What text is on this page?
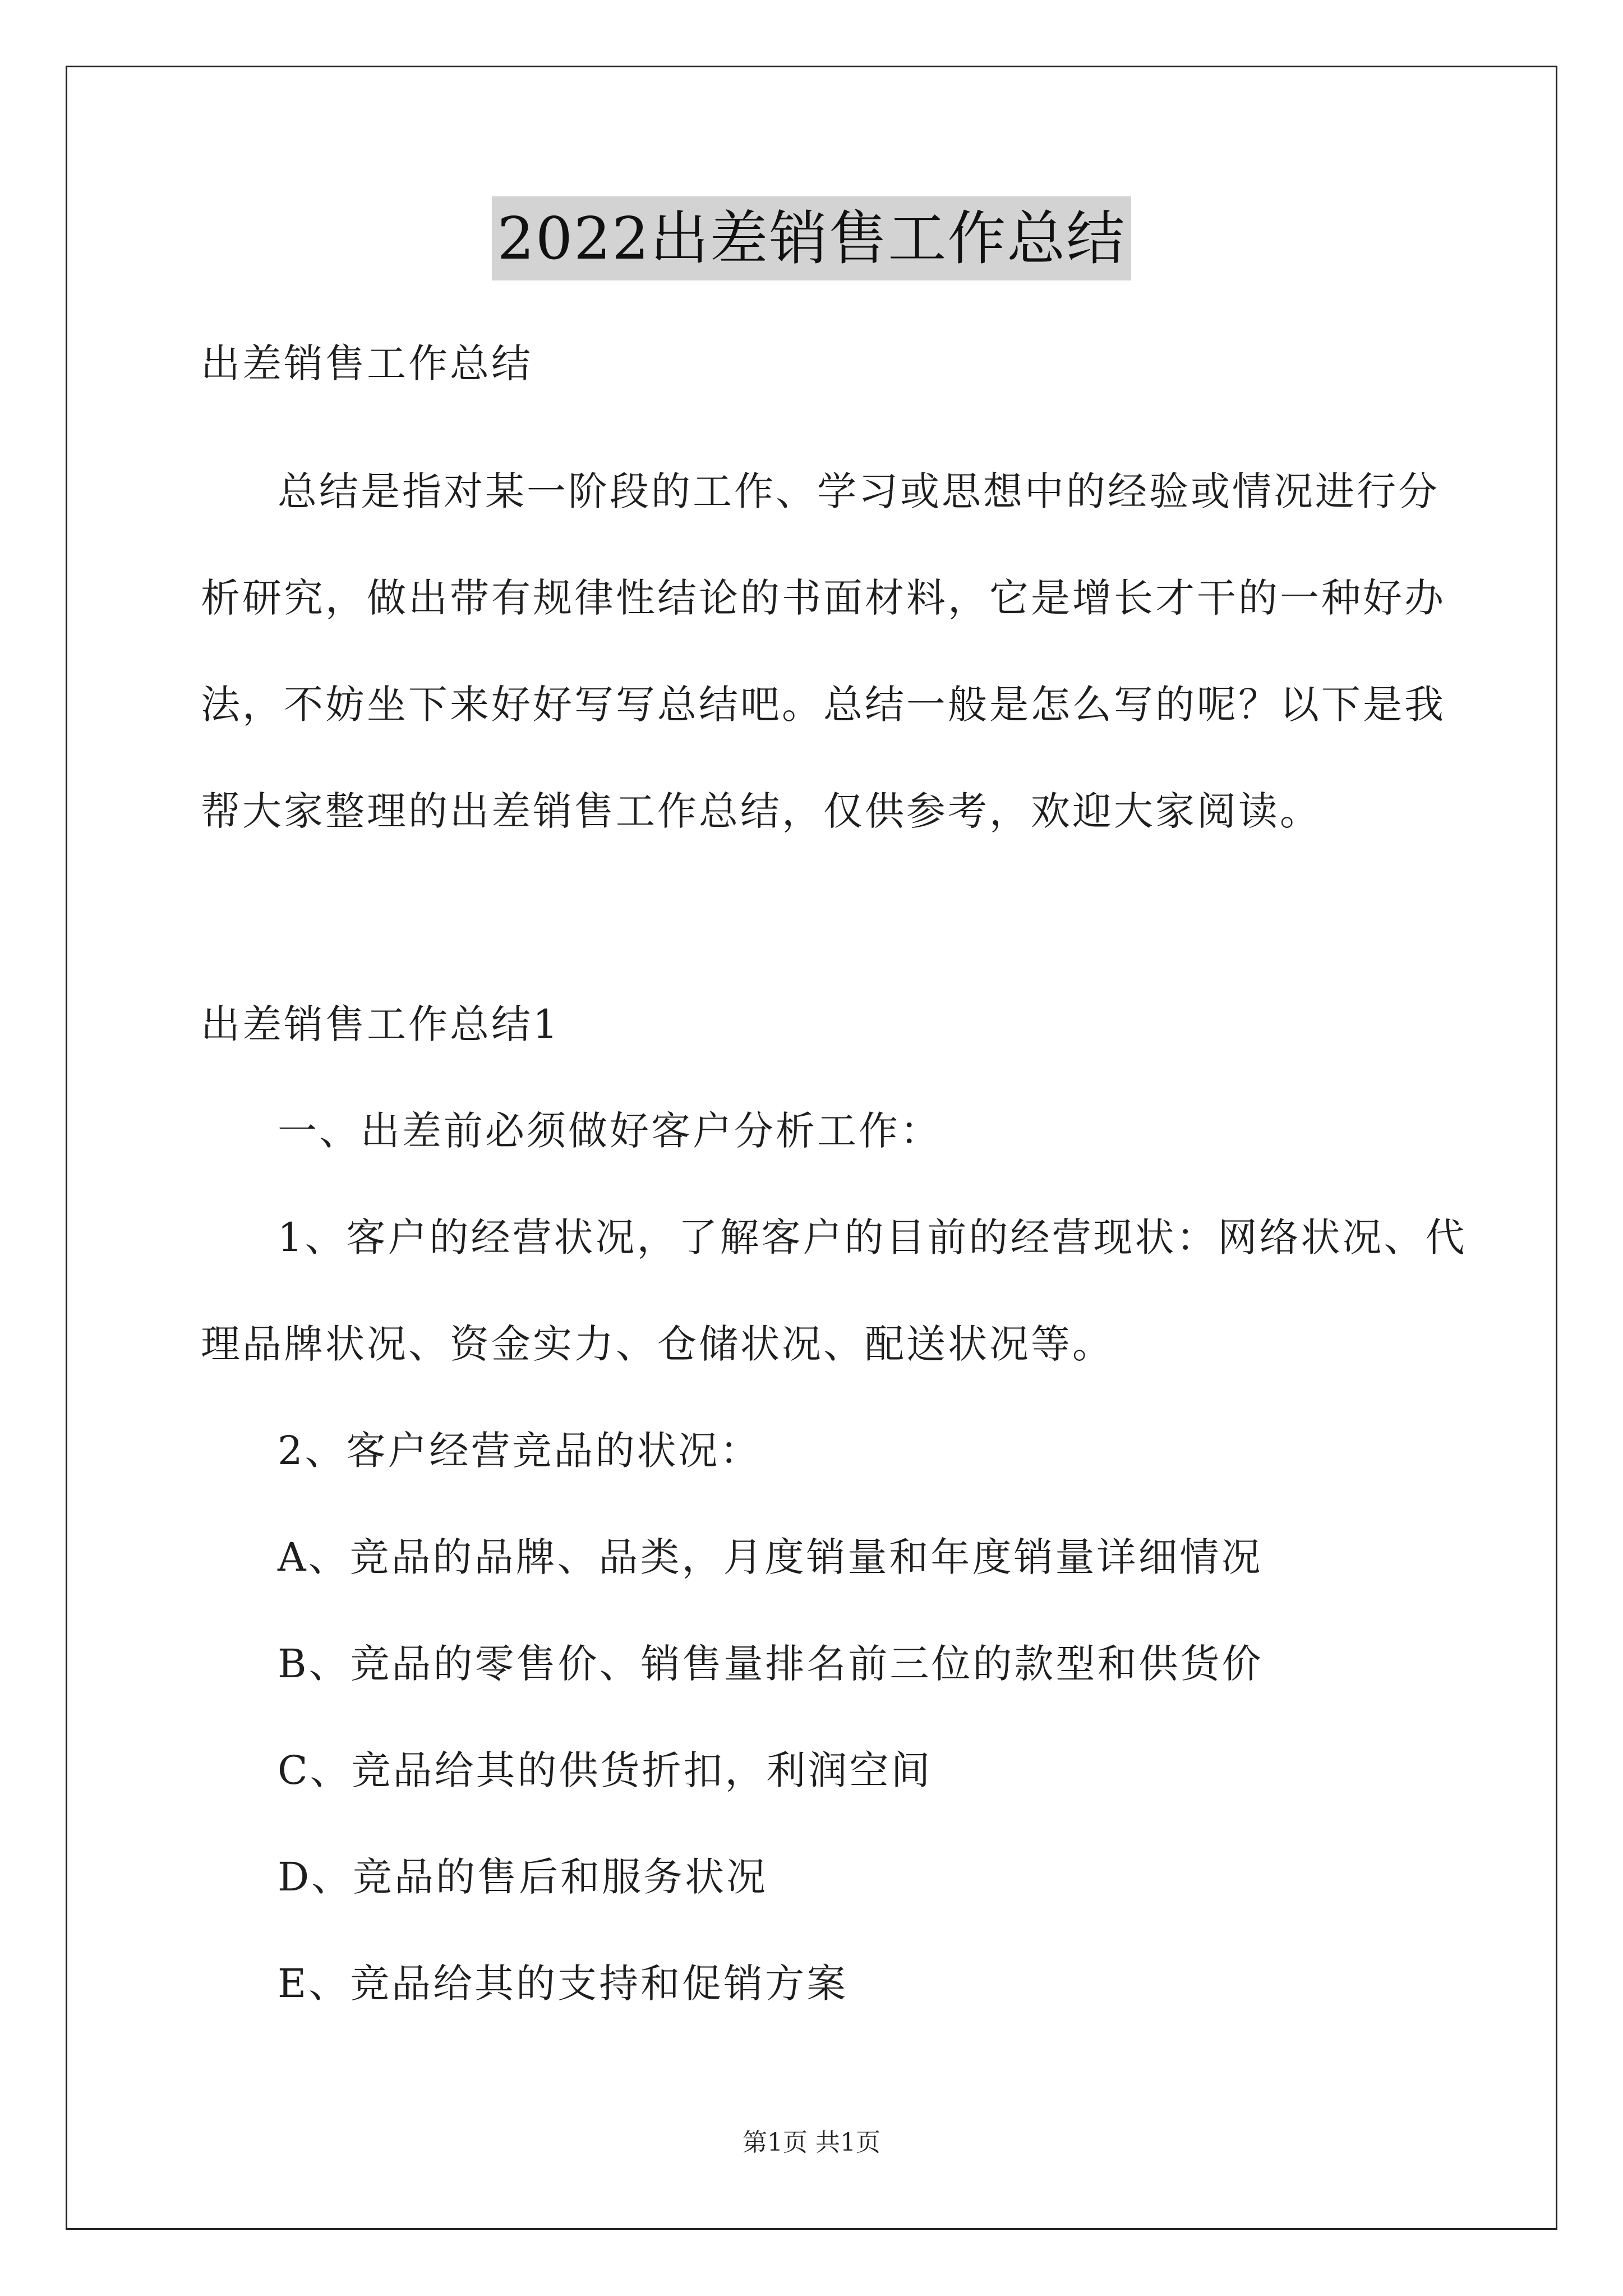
2022出差销售工作总结
出差销售工作总结
总结是指对某一阶段的工作、学习或思想中的经验或情况进行分
析研究，做出带有规律性结论的书面材料，它是增长才干的一种好办
法，不妨坐下来好好写写总结吧。总结一般是怎么写的呢？以下是我
帮大家整理的出差销售工作总结，仅供参考，欢迎大家阅读。
出差销售工作总结1
一、出差前必须做好客户分析工作：
1、客户的经营状况，了解客户的目前的经营现状：网络状况、代
理品牌状况、资金实力、仓储状况、配送状况等。
2、客户经营竞品的状况：
A、竞品的品牌、品类，月度销量和年度销量详细情况
B、竞品的零售价、销售量排名前三位的款型和供货价
C、竞品给其的供货折扣，利润空间
D、竞品的售后和服务状况
E、竞品给其的支持和促销方案
第1页 共1页
